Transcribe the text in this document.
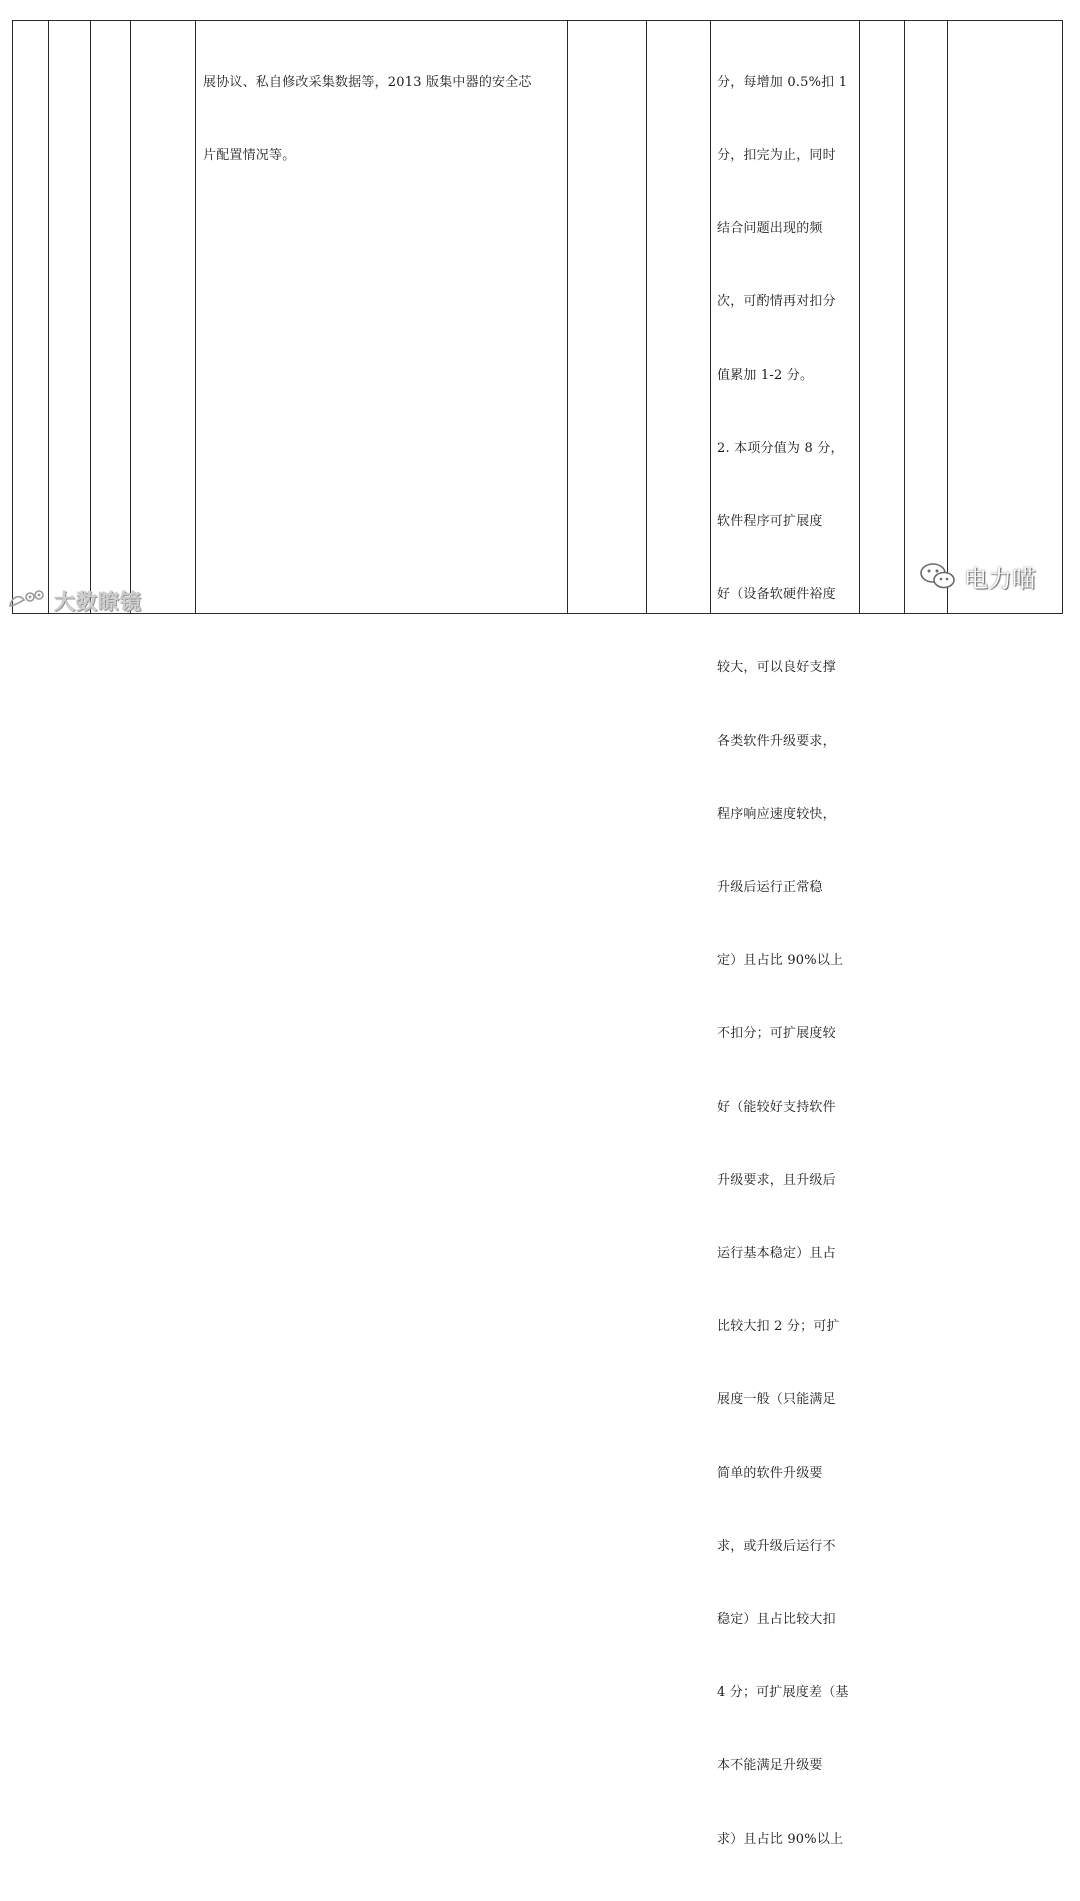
展协议、私自修改采集数据等，2013 版集中器的安全芯

片配置情况等。

分，每增加 0.5%扣 1

分，扣完为止，同时

结合问题出现的频

次，可酌情再对扣分

值累加 1-2 分。

2. 本项分值为 8 分，

软件程序可扩展度

好（设备软硬件裕度

较大，可以良好支撑

各类软件升级要求，

程序响应速度较快，

升级后运行正常稳

定）且占比 90%以上

不扣分；可扩展度较

好（能较好支持软件

升级要求，且升级后

运行基本稳定）且占

比较大扣 2 分；可扩

展度一般（只能满足

简单的软件升级要

求，或升级后运行不

稳定）且占比较大扣

4 分；可扩展度差（基

本不能满足升级要

求）且占比 90%以上

大数瞭镜
电力喵
